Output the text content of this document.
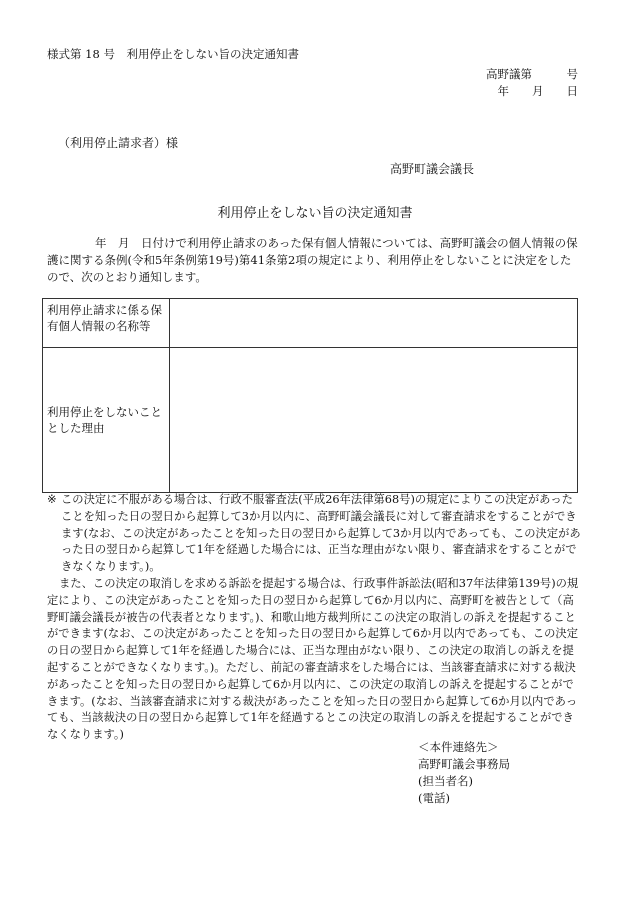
様式第 18 号　利用停止をしない旨の決定通知書
高野議第　　　号
年　　月　　日
（利用停止請求者）様
高野町議会議長
利用停止をしない旨の決定通知書
年　月　日付けで利用停止請求のあった保有個人情報については、高野町議会の個人情報の保護に関する条例(令和5年条例第19号)第41条第2項の規定により、利用停止をしないことに決定をしたので、次のとおり通知します。
利用停止請求に係る保有個人情報の名称等	
利用停止をしないこととした理由	

※ この決定に不服がある場合は、行政不服審査法(平成26年法律第68号)の規定によりこの決定があったことを知った日の翌日から起算して3か月以内に、高野町議会議長に対して審査請求をすることができます(なお、この決定があったことを知った日の翌日から起算して3か月以内であっても、この決定があった日の翌日から起算して1年を経過した場合には、正当な理由がない限り、審査請求をすることができなくなります。)。

また、この決定の取消しを求める訴訟を提起する場合は、行政事件訴訟法(昭和37年法律第139号)の規定により、この決定があったことを知った日の翌日から起算して6か月以内に、高野町を被告として（高野町議会議長が被告の代表者となります。)、和歌山地方裁判所にこの決定の取消しの訴えを提起することができます(なお、この決定があったことを知った日の翌日から起算して6か月以内であっても、この決定の日の翌日から起算して1年を経過した場合には、正当な理由がない限り、この決定の取消しの訴えを提起することができなくなります。)。ただし、前記の審査請求をした場合には、当該審査請求に対する裁決があったことを知った日の翌日から起算して6か月以内に、この決定の取消しの訴えを提起することができます。(なお、当該審査請求に対する裁決があったことを知った日の翌日から起算して6か月以内であっても、当該裁決の日の翌日から起算して1年を経過するとこの決定の取消しの訴えを提起することができなくなります。)

＜本件連絡先＞
高野町議会事務局
(担当者名)
(電話)
